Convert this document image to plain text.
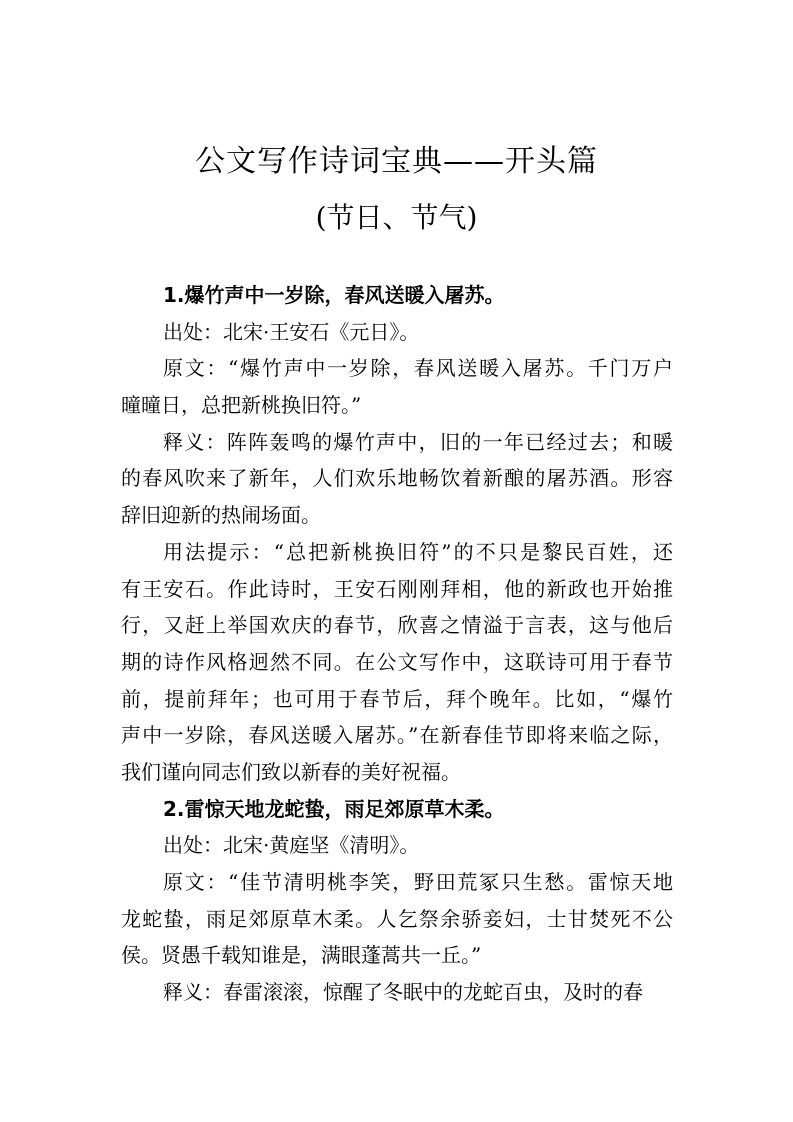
公文写作诗词宝典——开头篇
(节日、节气)
1.爆竹声中一岁除，春风送暖入屠苏。
出处：北宋·王安石《元日》。
原文：“爆竹声中一岁除，春风送暖入屠苏。千门万户
曈曈日，总把新桃换旧符。”
释义：阵阵轰鸣的爆竹声中，旧的一年已经过去；和暖
的春风吹来了新年，人们欢乐地畅饮着新酿的屠苏酒。形容
辞旧迎新的热闹场面。
用法提示：“总把新桃换旧符”的不只是黎民百姓，还
有王安石。作此诗时，王安石刚刚拜相，他的新政也开始推
行，又赶上举国欢庆的春节，欣喜之情溢于言表，这与他后
期的诗作风格迥然不同。在公文写作中，这联诗可用于春节
前，提前拜年；也可用于春节后，拜个晚年。比如，“爆竹
声中一岁除，春风送暖入屠苏。”在新春佳节即将来临之际，
我们谨向同志们致以新春的美好祝福。
2.雷惊天地龙蛇蛰，雨足郊原草木柔。
出处：北宋·黄庭坚《清明》。
原文：“佳节清明桃李笑，野田荒冢只生愁。雷惊天地
龙蛇蛰，雨足郊原草木柔。人乞祭余骄妾妇，士甘焚死不公
侯。贤愚千载知谁是，满眼蓬蒿共一丘。”
释义：春雷滚滚，惊醒了冬眠中的龙蛇百虫，及时的春
